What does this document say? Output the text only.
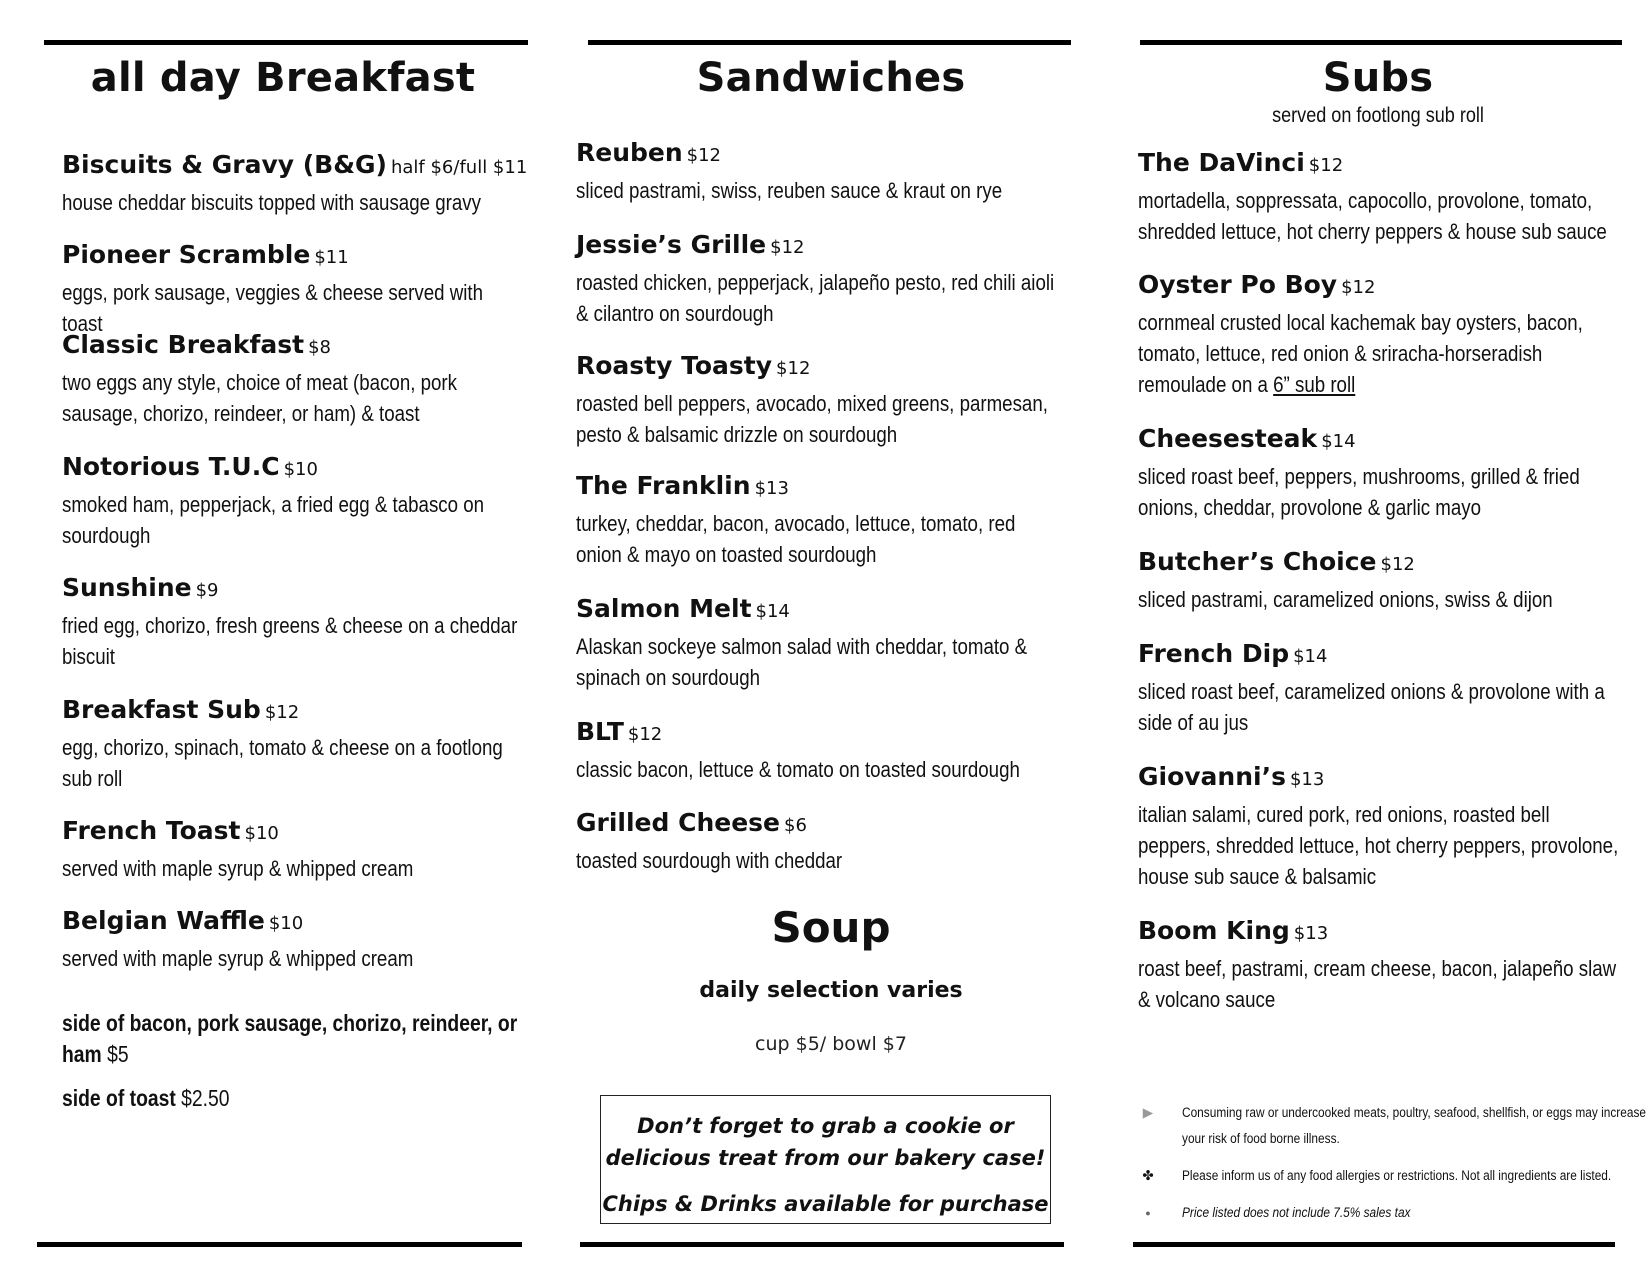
all day Breakfast
Biscuits & Gravy (B&G) half $6/full $11
house cheddar biscuits topped with sausage gravy
Pioneer Scramble $11
eggs, pork sausage, veggies & cheese served with toast
Classic Breakfast $8
two eggs any style, choice of meat (bacon, pork sausage, chorizo, reindeer, or ham) & toast
Notorious T.U.C $10
smoked ham, pepperjack, a fried egg & tabasco on sourdough
Sunshine $9
fried egg, chorizo, fresh greens & cheese on a cheddar biscuit
Breakfast Sub $12
egg, chorizo, spinach, tomato & cheese on a footlong sub roll
French Toast $10
served with maple syrup & whipped cream
Belgian Waffle $10
served with maple syrup & whipped cream
side of bacon, pork sausage, chorizo, reindeer, or ham $5
side of toast $2.50
Sandwiches
Reuben $12
sliced pastrami, swiss, reuben sauce & kraut on rye
Jessie’s Grille $12
roasted chicken, pepperjack, jalapeño pesto, red chili aioli & cilantro on sourdough
Roasty Toasty $12
roasted bell peppers, avocado, mixed greens, parmesan, pesto & balsamic drizzle on sourdough
The Franklin $13
turkey, cheddar, bacon, avocado, lettuce, tomato, red onion & mayo on toasted sourdough
Salmon Melt $14
Alaskan sockeye salmon salad with cheddar, tomato & spinach on sourdough
BLT $12
classic bacon, lettuce & tomato on toasted sourdough
Grilled Cheese $6
toasted sourdough with cheddar
Soup
daily selection varies
cup $5/ bowl $7
Don’t forget to grab a cookie or
delicious treat from our bakery case!
Chips & Drinks available for purchase
Subs
served on footlong sub roll
The DaVinci $12
mortadella, soppressata, capocollo, provolone, tomato, shredded lettuce, hot cherry peppers & house sub sauce
Oyster Po Boy $12
cornmeal crusted local kachemak bay oysters, bacon, tomato, lettuce, red onion & sriracha-horseradish remoulade on a 6” sub roll
Cheesesteak $14
sliced roast beef, peppers, mushrooms, grilled & fried onions, cheddar, provolone & garlic mayo
Butcher’s Choice $12
sliced pastrami, caramelized onions, swiss & dijon
French Dip $14
sliced roast beef, caramelized onions & provolone with a side of au jus
Giovanni’s $13
italian salami, cured pork, red onions, roasted bell peppers, shredded lettuce, hot cherry peppers, provolone, house sub sauce & balsamic
Boom King $13
roast beef, pastrami, cream cheese, bacon, jalapeño slaw & volcano sauce
▶	Consuming raw or undercooked meats, poultry, seafood, shellfish, or eggs may increase your risk of food borne illness.
✤	Please inform us of any food allergies or restrictions. Not all ingredients are listed.
●	Price listed does not include 7.5% sales tax
